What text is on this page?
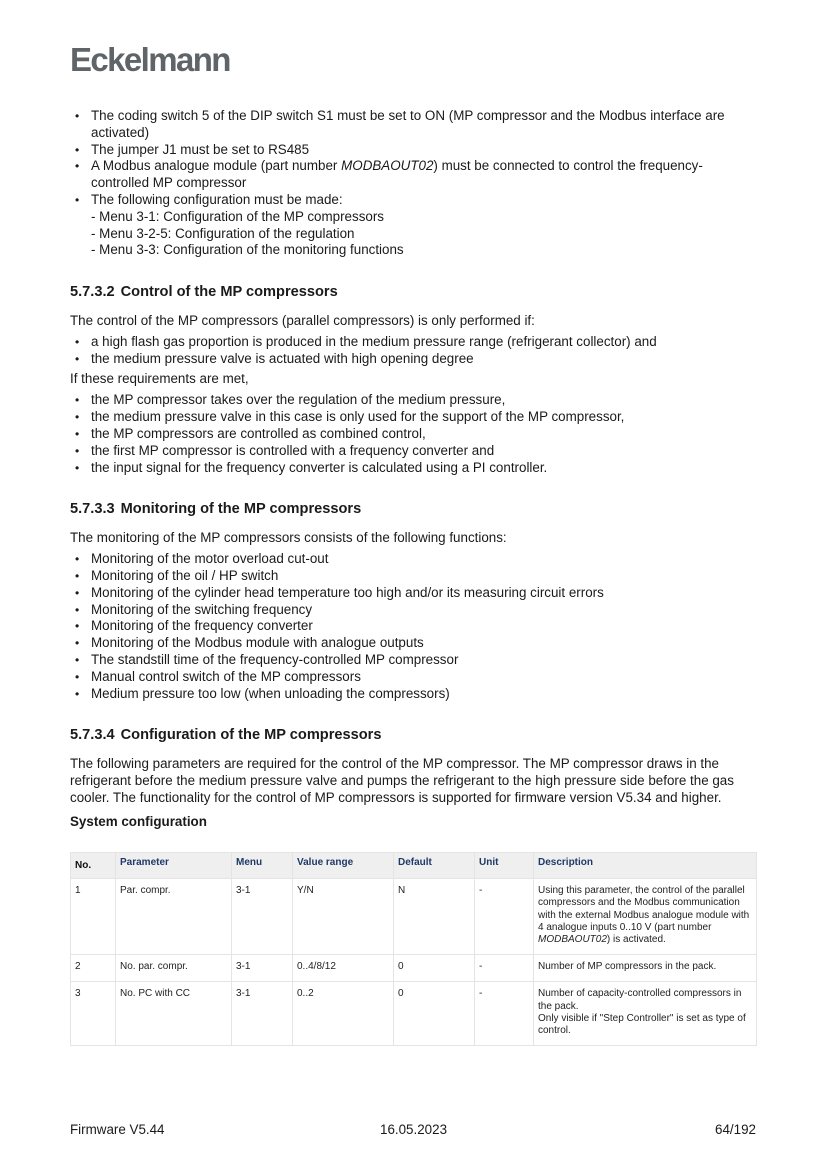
Eckelmann
• The coding switch 5 of the DIP switch S1 must be set to ON (MP compressor and the Modbus interface are activated)
• The jumper J1 must be set to RS485
• A Modbus analogue module (part number MODBAOUT02) must be connected to control the frequency-controlled MP compressor
• The following configuration must be made:
- Menu 3-1: Configuration of the MP compressors
- Menu 3-2-5: Configuration of the regulation
- Menu 3-3: Configuration of the monitoring functions
5.7.3.2 Control of the MP compressors

The control of the MP compressors (parallel compressors) is only performed if:

• a high flash gas proportion is produced in the medium pressure range (refrigerant collector) and
• the medium pressure valve is actuated with high opening degree

If these requirements are met,

• the MP compressor takes over the regulation of the medium pressure,
• the medium pressure valve in this case is only used for the support of the MP compressor,
• the MP compressors are controlled as combined control,
• the first MP compressor is controlled with a frequency converter and
• the input signal for the frequency converter is calculated using a PI controller.
5.7.3.3 Monitoring of the MP compressors

The monitoring of the MP compressors consists of the following functions:

• Monitoring of the motor overload cut-out
• Monitoring of the oil / HP switch
• Monitoring of the cylinder head temperature too high and/or its measuring circuit errors
• Monitoring of the switching frequency
• Monitoring of the frequency converter
• Monitoring of the Modbus module with analogue outputs
• The standstill time of the frequency-controlled MP compressor
• Manual control switch of the MP compressors
• Medium pressure too low (when unloading the compressors)
5.7.3.4 Configuration of the MP compressors

The following parameters are required for the control of the MP compressor. The MP compressor draws in the refrigerant before the medium pressure valve and pumps the refrigerant to the high pressure side before the gas cooler. The functionality for the control of MP compressors is supported for firmware version V5.34 and higher.

System configuration
No.	Parameter	Menu	Value range	Default	Unit	Description
1	Par. compr.	3-1	Y/N	N	-	Using this parameter, the control of the parallel compressors and the Modbus communication with the external Modbus analogue module with 4 analogue inputs 0..10 V (part number MODBAOUT02) is activated.
2	No. par. compr.	3-1	0..4/8/12	0	-	Number of MP compressors in the pack.
3	No. PC with CC	3-1	0..2	0	-	Number of capacity-controlled compressors in the pack.
Only visible if "Step Controller" is set as type of control.
Firmware V5.44	16.05.2023	64/192
